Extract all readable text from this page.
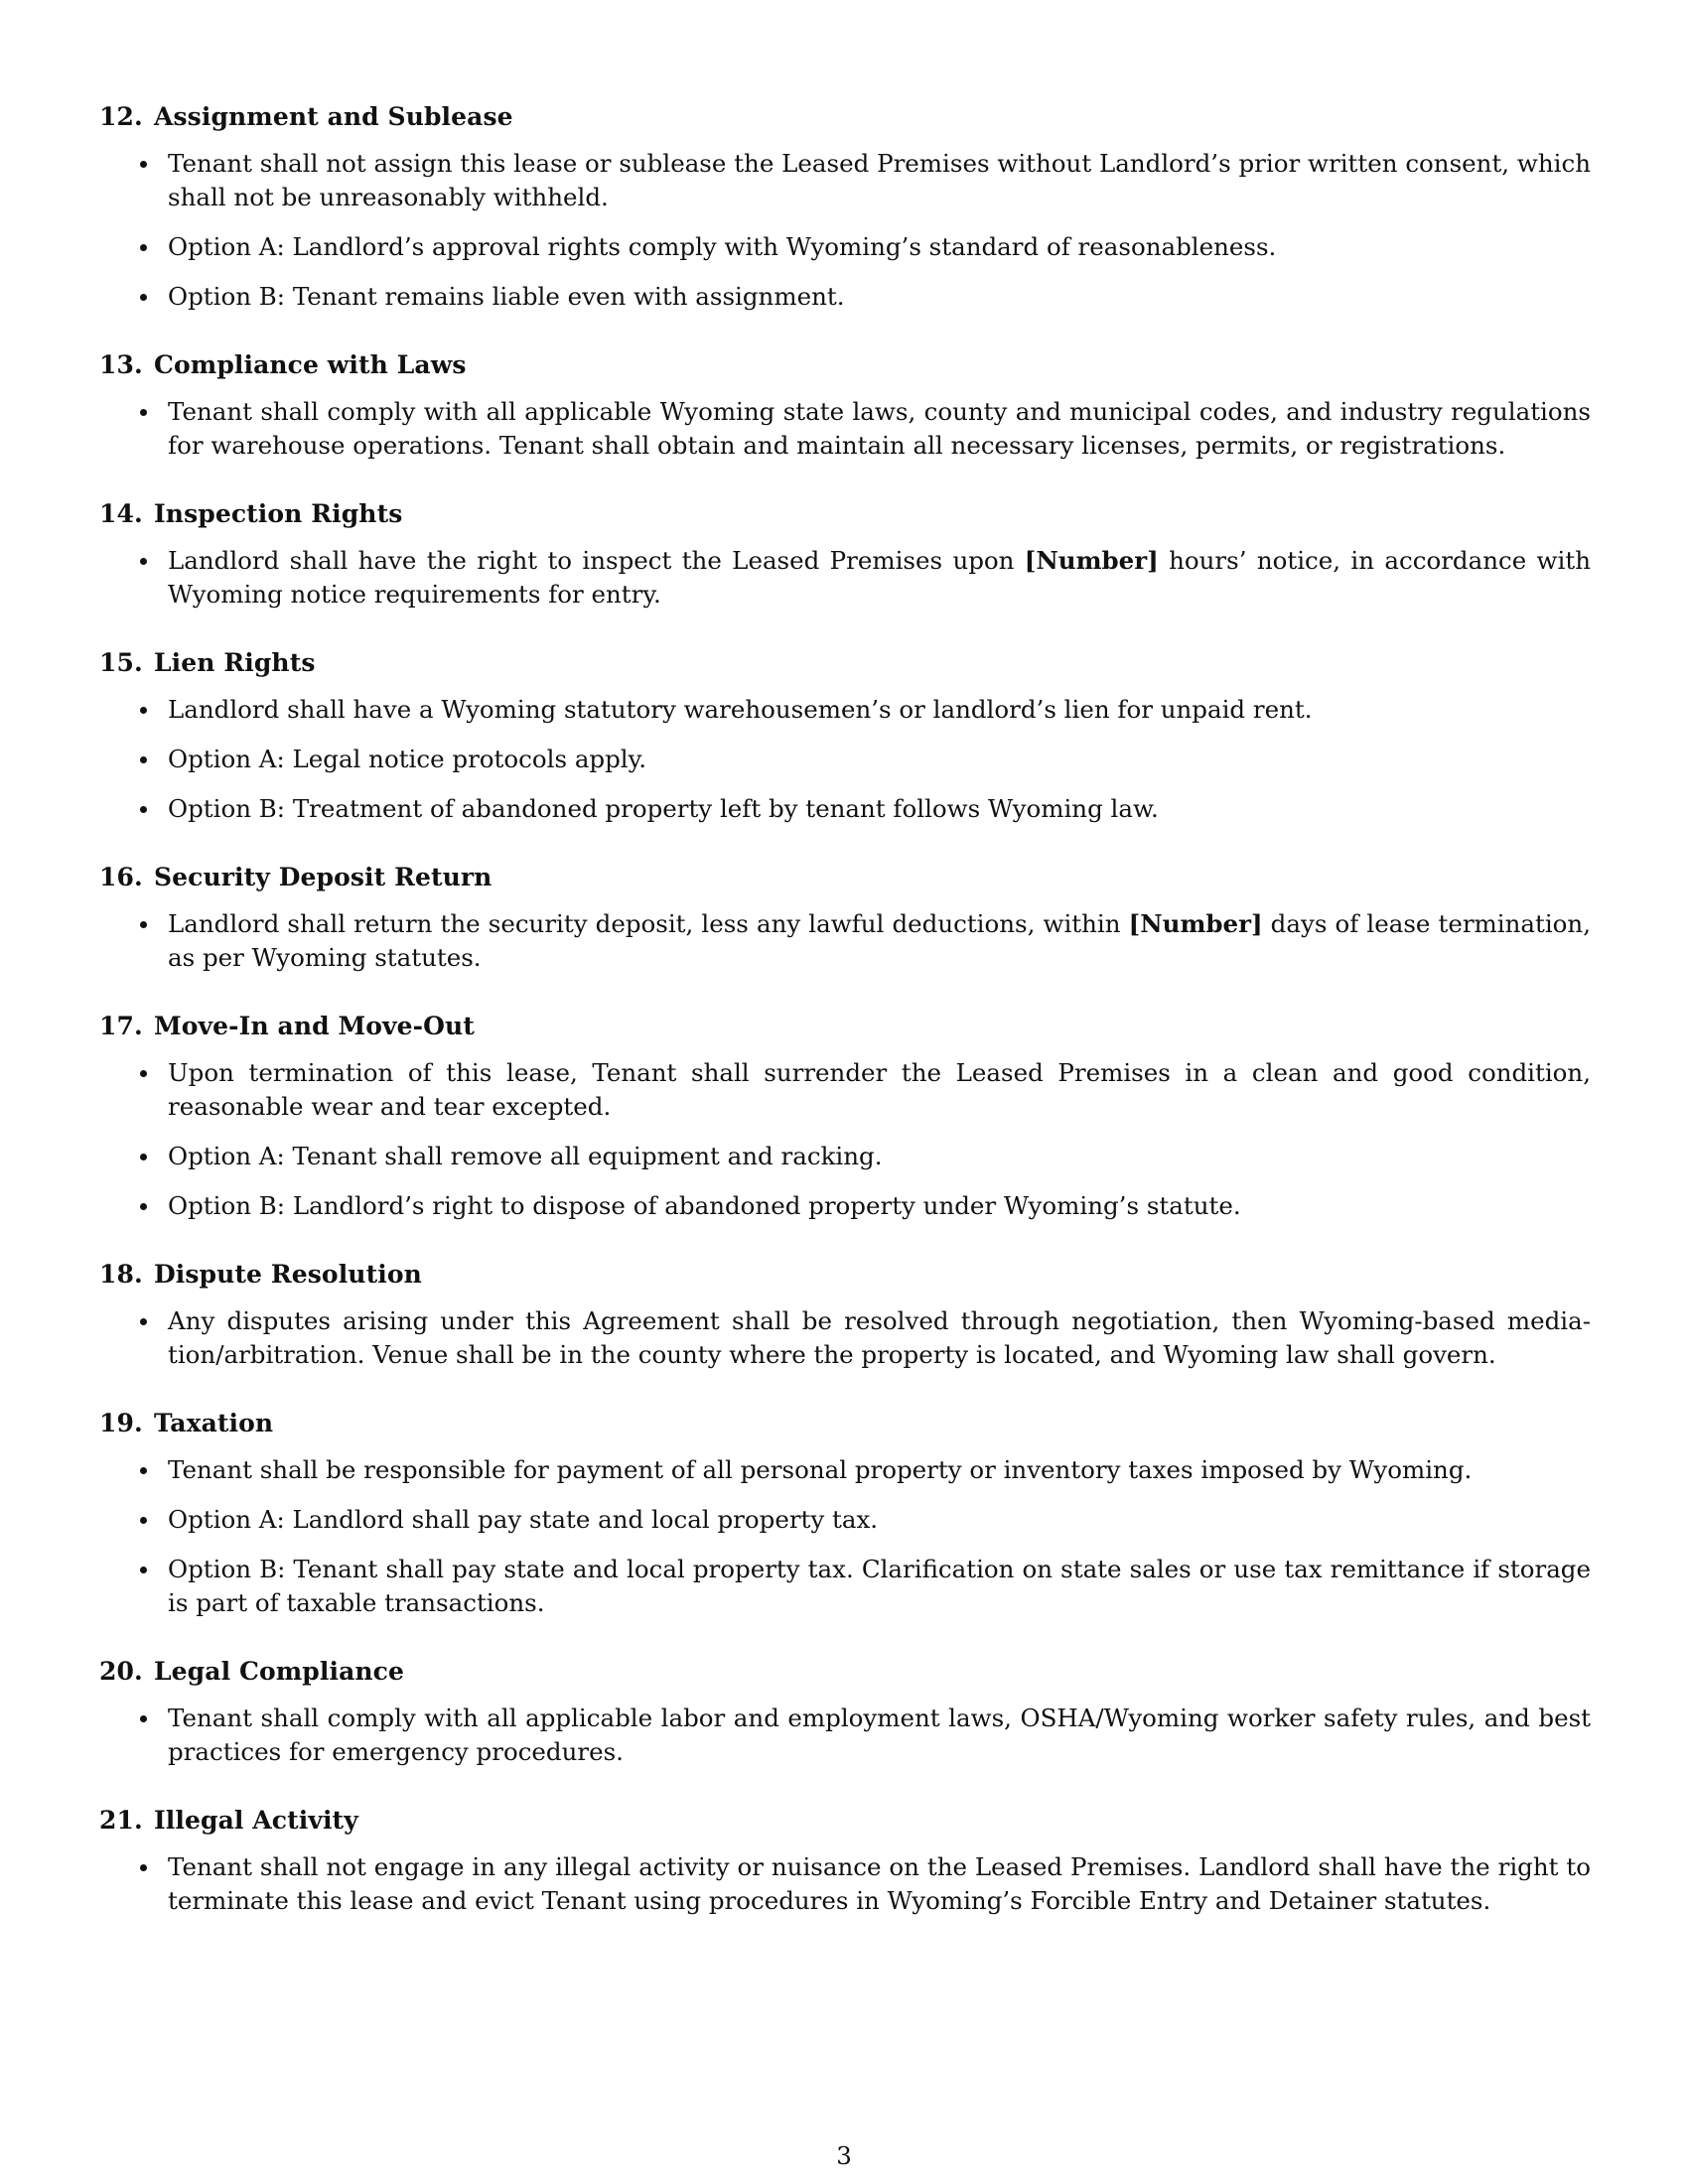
12. Assignment and Sublease
Tenant shall not assign this lease or sublease the Leased Premises without Landlord’s prior written consent, which shall not be unreasonably withheld.
Option A: Landlord’s approval rights comply with Wyoming’s standard of reasonableness.
Option B: Tenant remains liable even with assignment.
13. Compliance with Laws
Tenant shall comply with all applicable Wyoming state laws, county and municipal codes, and industry regulations for warehouse operations. Tenant shall obtain and maintain all necessary licenses, permits, or registrations.
14. Inspection Rights
Landlord shall have the right to inspect the Leased Premises upon [Number] hours’ notice, in accordance with Wyoming notice requirements for entry.
15. Lien Rights
Landlord shall have a Wyoming statutory warehousemen’s or landlord’s lien for unpaid rent.
Option A: Legal notice protocols apply.
Option B: Treatment of abandoned property left by tenant follows Wyoming law.
16. Security Deposit Return
Landlord shall return the security deposit, less any lawful deductions, within [Number] days of lease termination, as per Wyoming statutes.
17. Move-In and Move-Out
Upon termination of this lease, Tenant shall surrender the Leased Premises in a clean and good condition, reasonable wear and tear excepted.
Option A: Tenant shall remove all equipment and racking.
Option B: Landlord’s right to dispose of abandoned property under Wyoming’s statute.
18. Dispute Resolution
Any disputes arising under this Agreement shall be resolved through negotiation, then Wyoming-based mediation/arbitration. Venue shall be in the county where the property is located, and Wyoming law shall govern.
19. Taxation
Tenant shall be responsible for payment of all personal property or inventory taxes imposed by Wyoming.
Option A: Landlord shall pay state and local property tax.
Option B: Tenant shall pay state and local property tax. Clarification on state sales or use tax remittance if storage is part of taxable transactions.
20. Legal Compliance
Tenant shall comply with all applicable labor and employment laws, OSHA/Wyoming worker safety rules, and best practices for emergency procedures.
21. Illegal Activity
Tenant shall not engage in any illegal activity or nuisance on the Leased Premises. Landlord shall have the right to terminate this lease and evict Tenant using procedures in Wyoming’s Forcible Entry and Detainer statutes.
3
